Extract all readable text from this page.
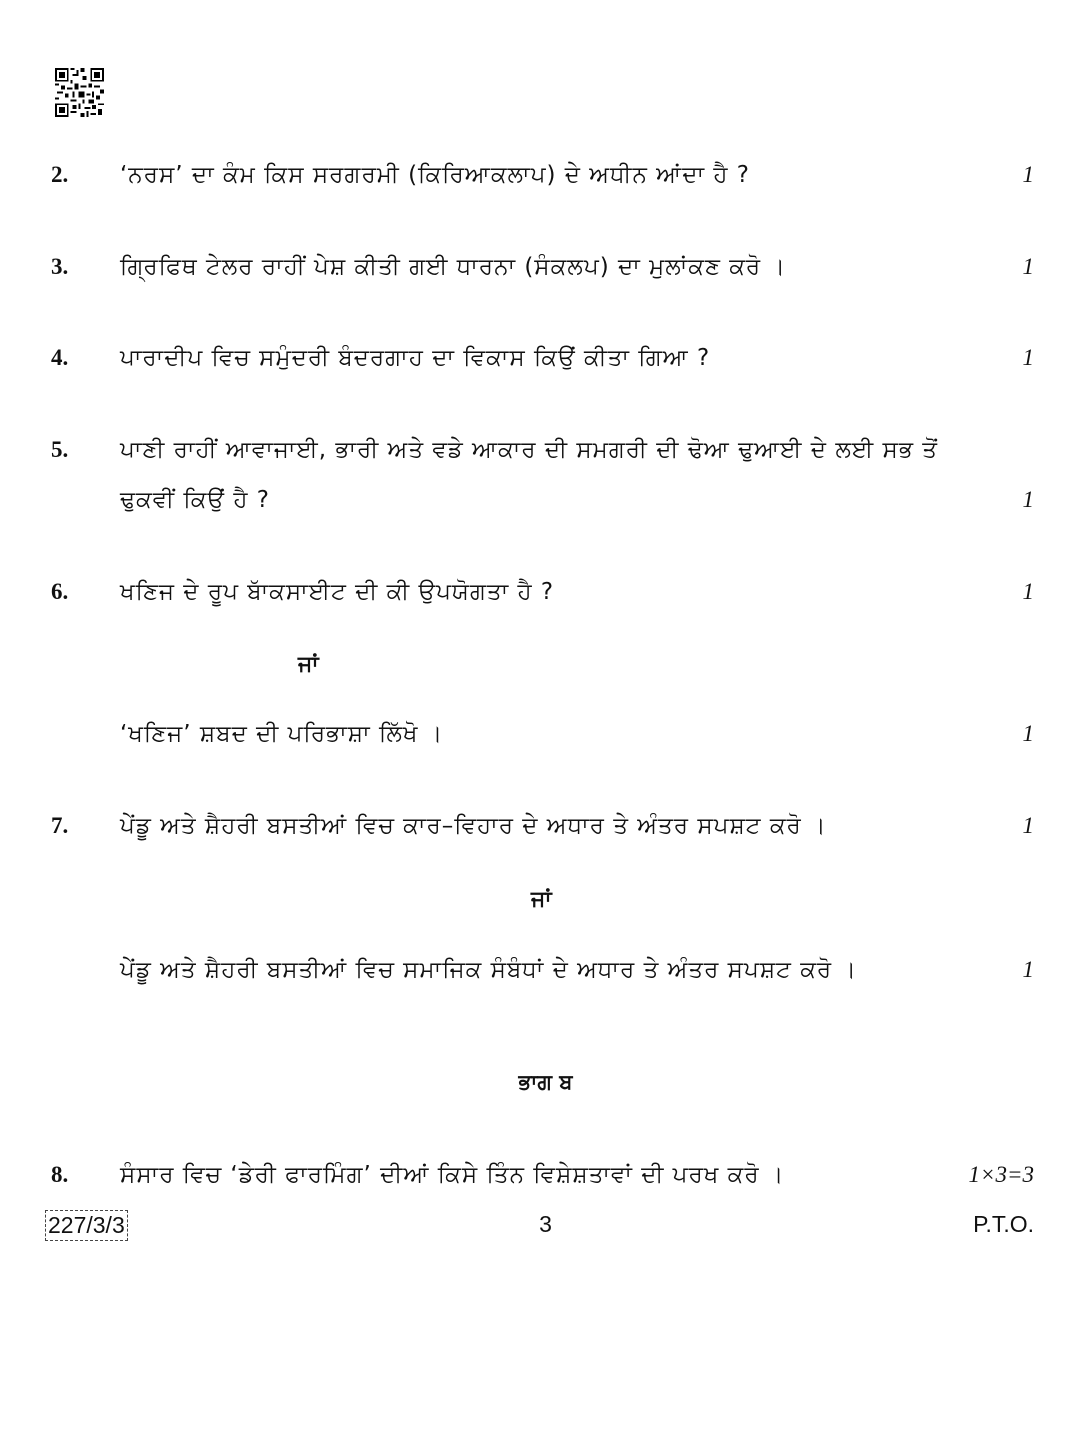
2.	‘ਨਰਸ’ ਦਾ ਕੰਮ ਕਿਸ ਸਰਗਰਮੀ (ਕਿਰਿਆਕਲਾਪ) ਦੇ ਅਧੀਨ ਆਂਦਾ ਹੈ ?	1
3.	ਗ੍ਰਿਫਿਥ ਟੇਲਰ ਰਾਹੀਂ ਪੇਸ਼ ਕੀਤੀ ਗਈ ਧਾਰਨਾ (ਸੰਕਲਪ) ਦਾ ਮੁਲਾਂਕਣ ਕਰੋ ।	1
4.	ਪਾਰਾਦੀਪ ਵਿਚ ਸਮੁੰਦਰੀ ਬੰਦਰਗਾਹ ਦਾ ਵਿਕਾਸ ਕਿਉਂ ਕੀਤਾ ਗਿਆ ?	1
5.	ਪਾਣੀ ਰਾਹੀਂ ਆਵਾਜਾਈ, ਭਾਰੀ ਅਤੇ ਵਡੇ ਆਕਾਰ ਦੀ ਸਮਗਰੀ ਦੀ ਢੋਆ ਢੁਆਈ ਦੇ ਲਈ ਸਭ ਤੋਂ ਢੁਕਵੀਂ ਕਿਉਂ ਹੈ ?	1
6.	ਖਣਿਜ ਦੇ ਰੂਪ ਬਾੱਕਸਾਈਟ ਦੀ ਕੀ ਉਪਯੋਗਤਾ ਹੈ ?	1
ਜਾਂ
‘ਖਣਿਜ’ ਸ਼ਬਦ ਦੀ ਪਰਿਭਾਸ਼ਾ ਲਿੱਖੋ ।	1
7.	ਪੇਂਡੂ ਅਤੇ ਸ਼ੈਹਰੀ ਬਸਤੀਆਂ ਵਿਚ ਕਾਰ–ਵਿਹਾਰ ਦੇ ਅਧਾਰ ਤੇ ਅੰਤਰ ਸਪਸ਼ਟ ਕਰੋ ।	1
ਜਾਂ
ਪੇਂਡੂ ਅਤੇ ਸ਼ੈਹਰੀ ਬਸਤੀਆਂ ਵਿਚ ਸਮਾਜਿਕ ਸੰਬੰਧਾਂ ਦੇ ਅਧਾਰ ਤੇ ਅੰਤਰ ਸਪਸ਼ਟ ਕਰੋ ।	1
ਭਾਗ ਬ
8.	ਸੰਸਾਰ ਵਿਚ ‘ਡੇਰੀ ਫਾਰਮਿੰਗ’ ਦੀਆਂ ਕਿਸੇ ਤਿੰਨ ਵਿਸ਼ੇਸ਼ਤਾਵਾਂ ਦੀ ਪਰਖ ਕਰੋ ।	1×3=3
227/3/3	3	P.T.O.
